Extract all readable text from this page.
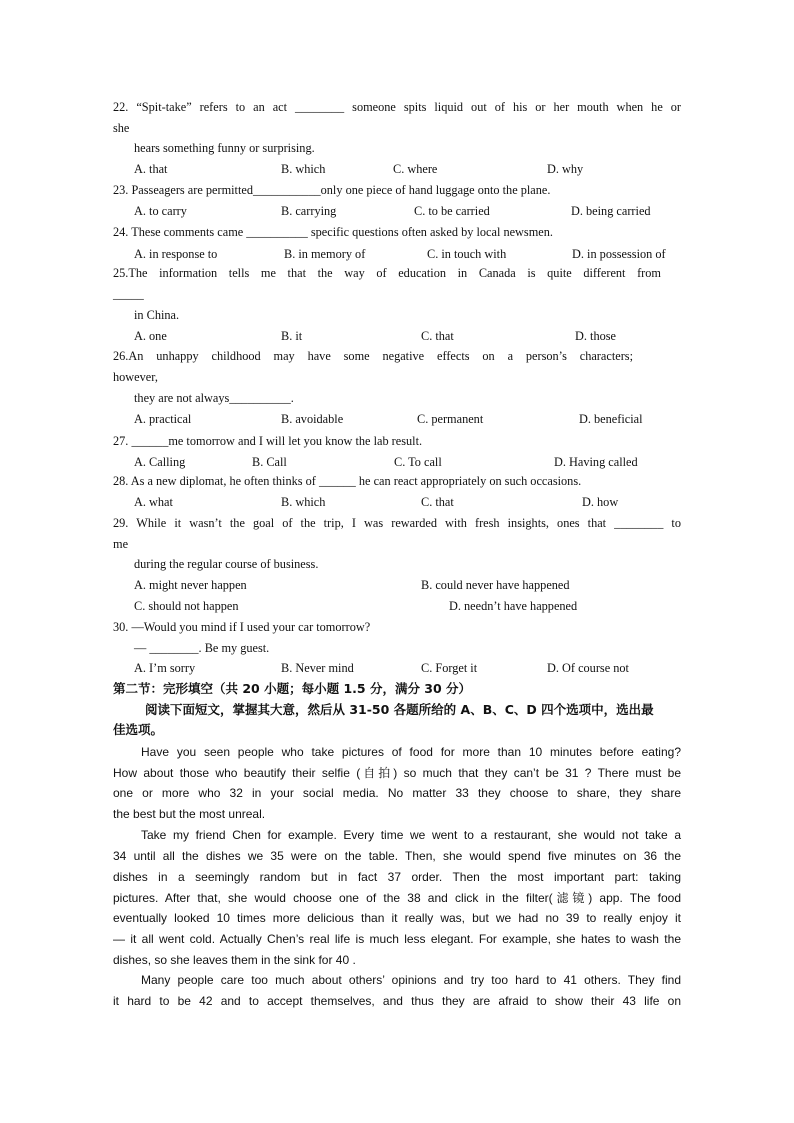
22. “Spit-take” refers to an act ________ someone spits liquid out of his or her mouth when he or
she
hears something funny or surprising.
A. that	B. which	C. where	D. why
23. Passeagers are permitted___________only one piece of hand luggage onto the plane.
A. to carry	B. carrying	C. to be carried	D. being carried
24. These comments came __________ specific questions often asked by local newsmen.
A. in response to	B. in memory of	C. in touch with	D. in possession of
25.The information tells me that the way of education in Canada is quite different from
_____
in China.
A. one	B. it	C. that	D. those
26.An unhappy childhood may have some negative effects on a person’s characters;
however,
they are not always__________.
A. practical	B. avoidable	C. permanent	D. beneficial
27. ______me tomorrow and I will let you know the lab result.
A. Calling	B. Call	C. To call	D. Having called
28. As a new diplomat, he often thinks of ______ he can react appropriately on such occasions.
A. what	B. which	C. that	D. how
29. While it wasn’t the goal of the trip, I was rewarded with fresh insights, ones that ________ to
me
during the regular course of business.
A. might never happen	B. could never have happened
C. should not happen	D. needn’t have happened
30. —Would you mind if I used your car tomorrow?
— ________. Be my guest.
A. I’m sorry	B. Never mind	C. Forget it	D. Of course not
第二节：完形填空（共 20 小题；每小题 1.5 分，满分 30 分）
阅读下面短文，掌握其大意，然后从 31-50 各题所给的 A、B、C、D 四个选项中，选出最
佳选项。
Have you seen people who take pictures of food for more than 10 minutes before eating?
How about those who beautify their selfie (自拍) so much that they can’t be 31 ? There must be
one or more who 32 in your social media. No matter 33 they choose to share, they share
the best but the most unreal.
Take my friend Chen for example. Every time we went to a restaurant, she would not take a
34 until all the dishes we 35 were on the table. Then, she would spend five minutes on 36 the
dishes in a seemingly random but in fact 37 order. Then the most important part: taking
pictures. After that, she would choose one of the 38 and click in the filter(滤镜) app. The food
eventually looked 10 times more delicious than it really was, but we had no 39 to really enjoy it
— it all went cold. Actually Chen’s real life is much less elegant. For example, she hates to wash the
dishes, so she leaves them in the sink for 40 .
Many people care too much about others’ opinions and try too hard to 41 others. They find
it hard to be 42 and to accept themselves, and thus they are afraid to show their 43 life on
